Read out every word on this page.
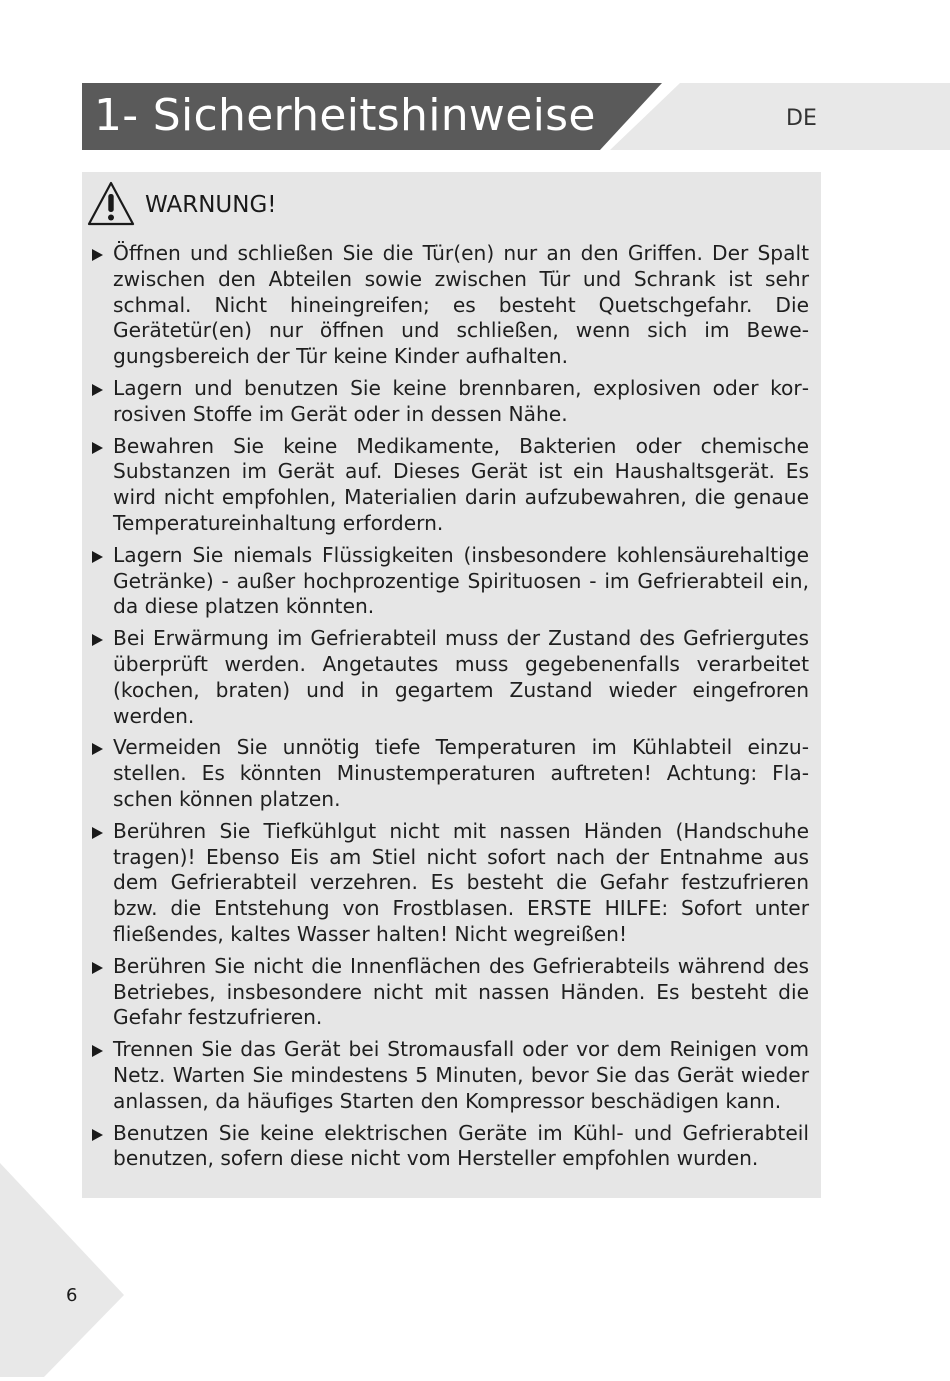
1- Sicherheitshinweise	DE
WARNUNG!
Öffnen und schließen Sie die Tür(en) nur an den Griffen. Der Spalt zwischen den Abteilen sowie zwischen Tür und Schrank ist sehr schmal. Nicht hineingreifen; es besteht Quetschgefahr. Die Gerätetür(en) nur öffnen und schließen, wenn sich im Bewegungsbereich der Tür keine Kinder aufhalten.
Lagern und benutzen Sie keine brennbaren, explosiven oder korrosiven Stoffe im Gerät oder in dessen Nähe.
Bewahren Sie keine Medikamente, Bakterien oder chemische Substanzen im Gerät auf. Dieses Gerät ist ein Haushaltsgerät. Es wird nicht empfohlen, Materialien darin aufzubewahren, die genaue Temperatureinhaltung erfordern.
Lagern Sie niemals Flüssigkeiten (insbesondere kohlensäurehaltige Getränke) - außer hochprozentige Spirituosen - im Gefrierabteil ein, da diese platzen könnten.
Bei Erwärmung im Gefrierabteil muss der Zustand des Gefriergutes überprüft werden. Angetautes muss gegebenenfalls verarbeitet (kochen, braten) und in gegartem Zustand wieder eingefroren werden.
Vermeiden Sie unnötig tiefe Temperaturen im Kühlabteil einzustellen. Es könnten Minustemperaturen auftreten! Achtung: Flaschen können platzen.
Berühren Sie Tiefkühlgut nicht mit nassen Händen (Handschuhe tragen)! Ebenso Eis am Stiel nicht sofort nach der Entnahme aus dem Gefrierabteil verzehren. Es besteht die Gefahr festzufrieren bzw. die Entstehung von Frostblasen. ERSTE HILFE: Sofort unter fließendes, kaltes Wasser halten! Nicht wegreißen!
Berühren Sie nicht die Innenflächen des Gefrierabteils während des Betriebes, insbesondere nicht mit nassen Händen. Es besteht die Gefahr festzufrieren.
Trennen Sie das Gerät bei Stromausfall oder vor dem Reinigen vom Netz. Warten Sie mindestens 5 Minuten, bevor Sie das Gerät wieder anlassen, da häufiges Starten den Kompressor beschädigen kann.
Benutzen Sie keine elektrischen Geräte im Kühl- und Gefrierabteil benutzen, sofern diese nicht vom Hersteller empfohlen wurden.
6
